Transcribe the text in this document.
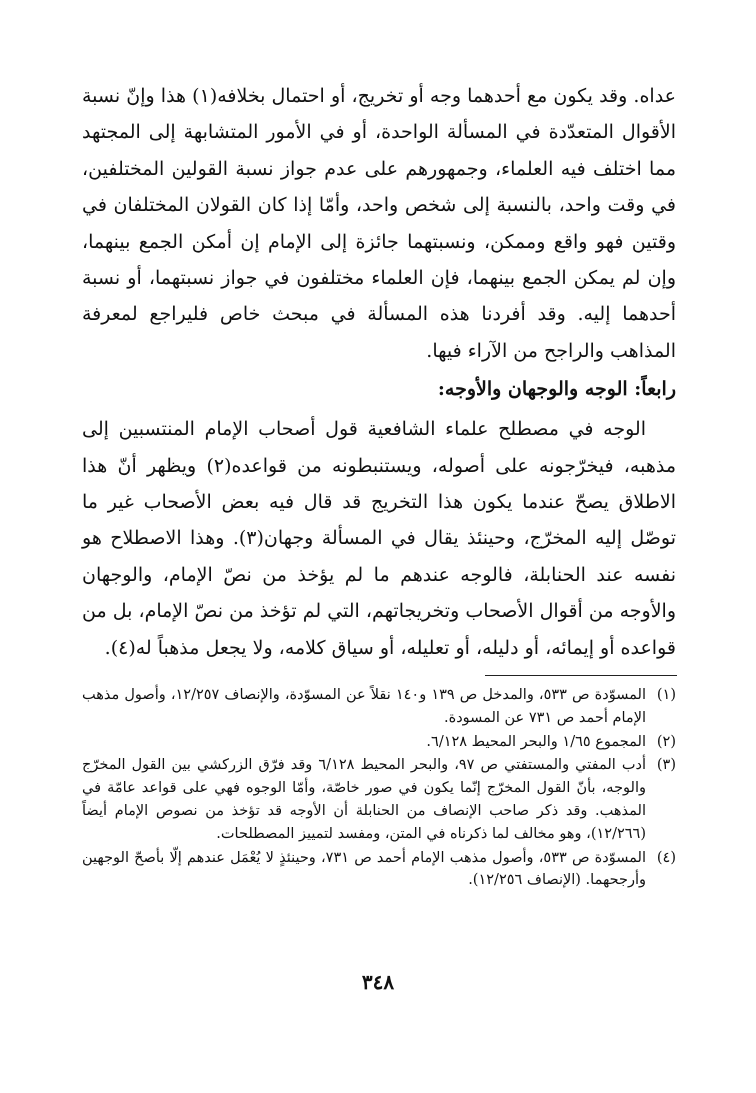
عداه. وقد يكون مع أحدهما وجه أو تخريج، أو احتمال بخلافه(١) هذا وإنّ نسبة الأقوال المتعدّدة في المسألة الواحدة، أو في الأمور المتشابهة إلى المجتهد مما اختلف فيه العلماء، وجمهورهم على عدم جواز نسبة القولين المختلفين، في وقت واحد، بالنسبة إلى شخص واحد، وأمّا إذا كان القولان المختلفان في وقتين فهو واقع وممكن، ونسبتهما جائزة إلى الإمام إن أمكن الجمع بينهما، وإن لم يمكن الجمع بينهما، فإن العلماء مختلفون في جواز نسبتهما، أو نسبة أحدهما إليه. وقد أفردنا هذه المسألة في مبحث خاص فليراجع لمعرفة المذاهب والراجح من الآراء فيها.

رابعاً: الوجه والوجهان والأوجه:

الوجه في مصطلح علماء الشافعية قول أصحاب الإمام المنتسبين إلى مذهبه، فيخرّجونه على أصوله، ويستنبطونه من قواعده(٢) ويظهر أنّ هذا الاطلاق يصحّ عندما يكون هذا التخريج قد قال فيه بعض الأصحاب غير ما توصّل إليه المخرّج، وحينئذ يقال في المسألة وجهان(٣). وهذا الاصطلاح هو نفسه عند الحنابلة، فالوجه عندهم ما لم يؤخذ من نصّ الإمام، والوجهان والأوجه من أقوال الأصحاب وتخريجاتهم، التي لم تؤخذ من نصّ الإمام، بل من قواعده أو إيمائه، أو دليله، أو تعليله، أو سياق كلامه، ولا يجعل مذهباً له(٤).

(١)
المسوّدة ص ٥٣٣، والمدخل ص ١٣٩ و١٤٠ نقلاً عن المسوّدة، والإنصاف ١٢/٢٥٧، وأصول مذهب الإمام أحمد ص ٧٣١ عن المسودة.
(٢)
المجموع ١/٦٥ والبحر المحيط ٦/١٢٨.
(٣)
أدب المفتي والمستفتي ص ٩٧، والبحر المحيط ٦/١٢٨ وقد فرّق الزركشي بين القول المخرّج والوجه، بأنّ القول المخرّج إنّما يكون في صور خاصّة، وأمّا الوجوه فهي على قواعد عامّة في المذهب. وقد ذكر صاحب الإنصاف من الحنابلة أن الأوجه قد تؤخذ من نصوص الإمام أيضاً (١٢/٢٦٦)، وهو مخالف لما ذكرناه في المتن، ومفسد لتمييز المصطلحات.
(٤)
المسوّدة ص ٥٣٣، وأصول مذهب الإمام أحمد ص ٧٣١، وحينئذٍ لا يُعْمَل عندهم إلّا بأصحّ الوجهين وأرجحهما. (الإنصاف ١٢/٢٥٦).
٣٤٨
